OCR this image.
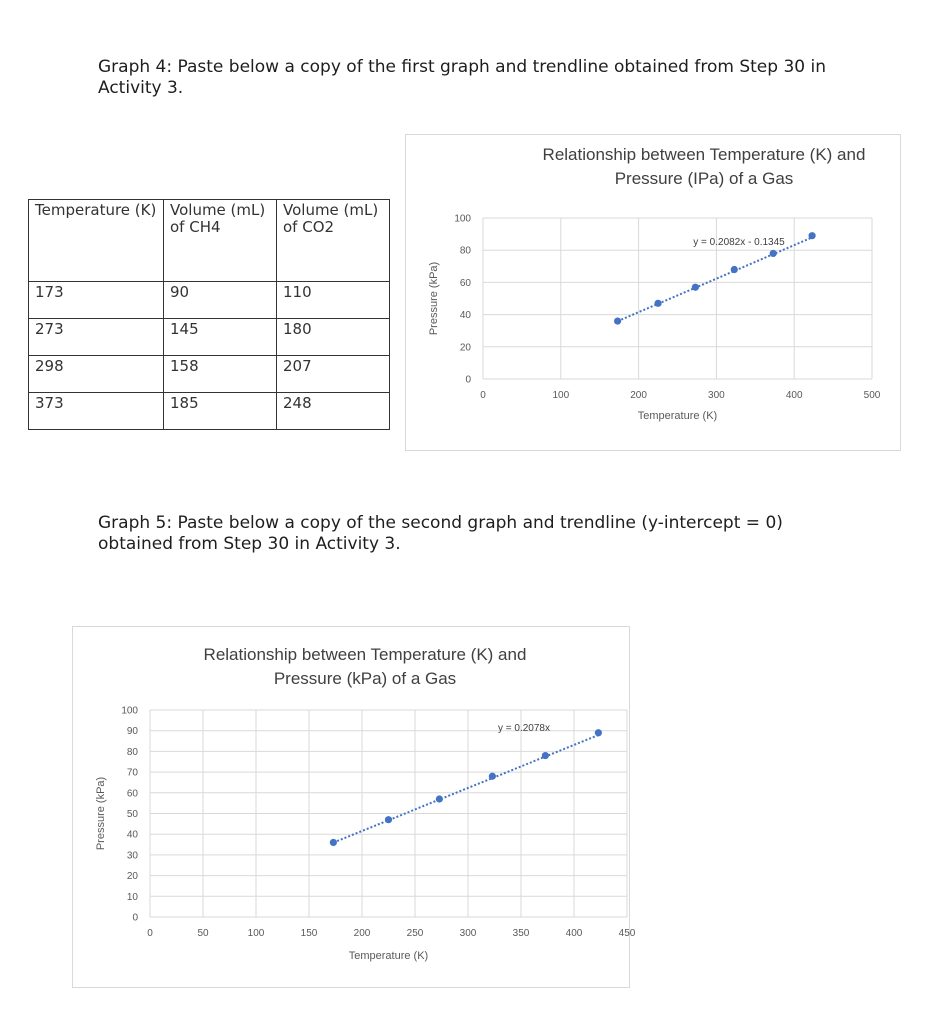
Graph 4: Paste below a copy of the first graph and trendline obtained from Step 30 in Activity 3.
Temperature (K)	Volume (mL) of CH4	Volume (mL) of CO2
173	90	110
273	145	180
298	158	207
373	185	248
Relationship between Temperature (K) and
Pressure (IPa) of a Gas
0
20
40
60
80
100
0	100	200	300	400	500
Temperature (K)
Pressure (kPa)
y = 0.2082x - 0.1345
Graph 5: Paste below a copy of the second graph and trendline (y-intercept = 0) obtained from Step 30 in Activity 3.
Relationship between Temperature (K) and
Pressure (kPa) of a Gas
0
10
20
30
40
50
60
70
80
90
100
0	50	100	150	200	250	300	350	400	450
Temperature (K)
Pressure (kPa)
y = 0.2078x
